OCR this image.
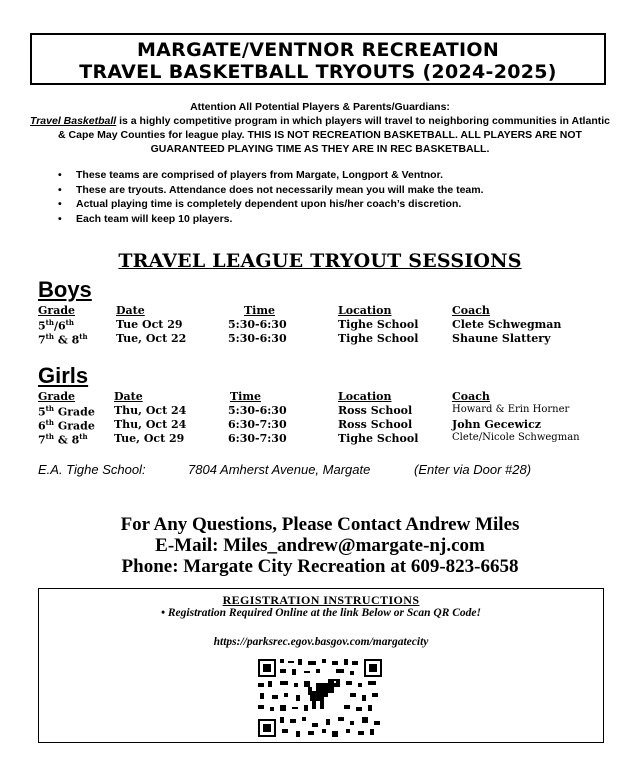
MARGATE/VENTNOR RECREATION
TRAVEL BASKETBALL TRYOUTS (2024-2025)
Attention All Potential Players & Parents/Guardians:
Travel Basketball is a highly competitive program in which players will travel to neighboring communities in Atlantic & Cape May Counties for league play. THIS IS NOT RECREATION BASKETBALL. ALL PLAYERS ARE NOT GUARANTEED PLAYING TIME AS THEY ARE IN REC BASKETBALL.
• These teams are comprised of players from Margate, Longport & Ventnor.
• These are tryouts. Attendance does not necessarily mean you will make the team.
• Actual playing time is completely dependent upon his/her coach’s discretion.
• Each team will keep 10 players.
TRAVEL LEAGUE TRYOUT SESSIONS
Boys
Grade	Date	Time	Location	Coach
5th/6th	Tue Oct 29	5:30-6:30	Tighe School	Clete Schwegman
7th & 8th	Tue, Oct 22	5:30-6:30	Tighe School	Shaune Slattery
Girls
Grade	Date	Time	Location	Coach
5th Grade Thu, Oct 24	5:30-6:30	Ross School	Howard & Erin Horner
6th Grade Thu, Oct 24	6:30-7:30	Ross School	John Gecewicz
7th & 8th Tue, Oct 29	6:30-7:30	Tighe School	Clete/Nicole Schwegman
E.A. Tighe School:	7804 Amherst Avenue, Margate	(Enter via Door #28)
For Any Questions, Please Contact Andrew Miles
E-Mail: Miles_andrew@margate-nj.com
Phone: Margate City Recreation at 609-823-6658
REGISTRATION INSTRUCTIONS
• Registration Required Online at the link Below or Scan QR Code!
https://parksrec.egov.basgov.com/margatecity
